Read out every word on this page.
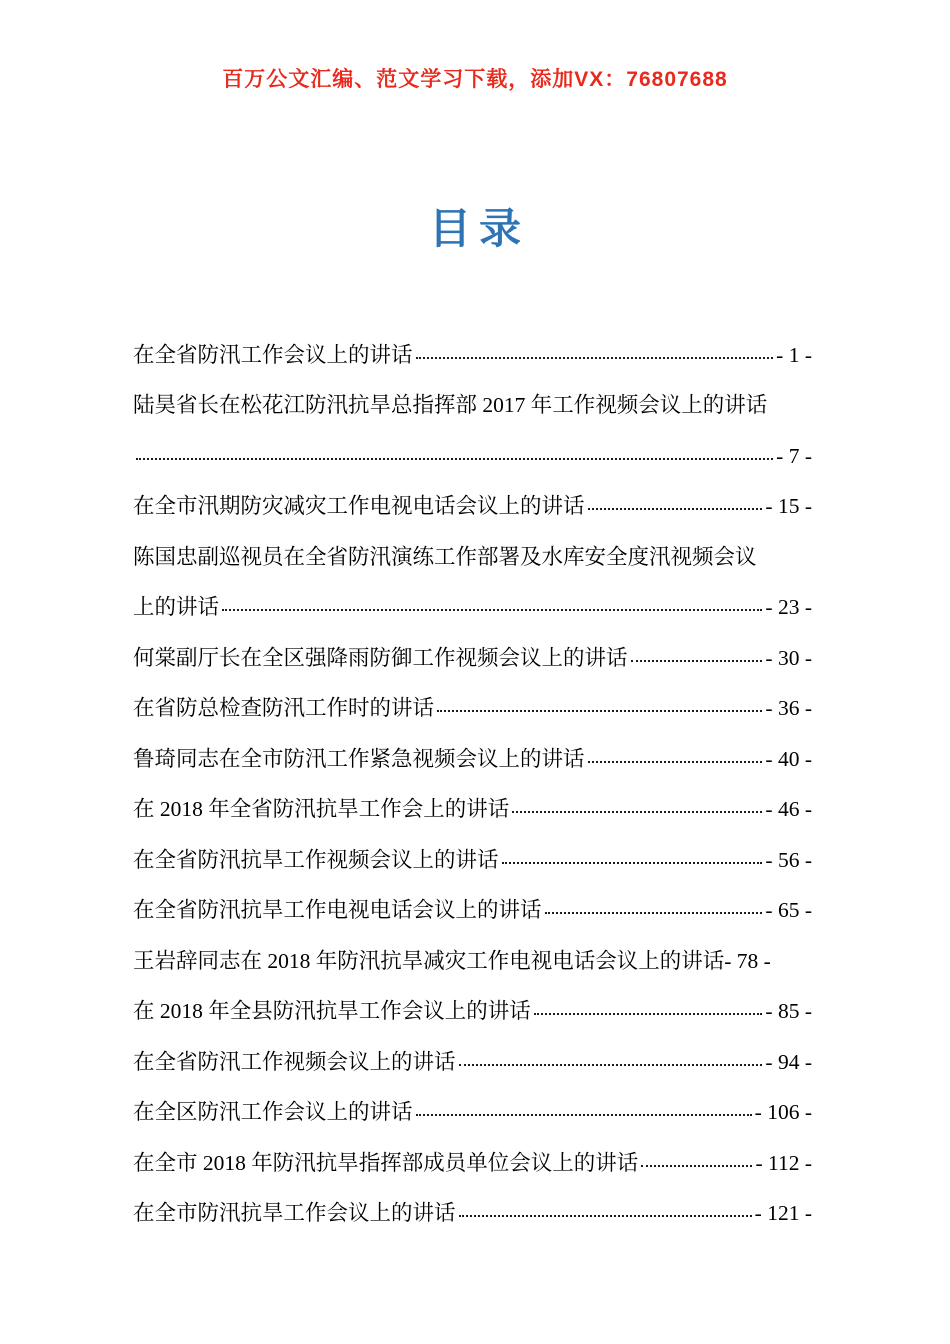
百万公文汇编、范文学习下载，添加VX：76807688
目录
在全省防汛工作会议上的讲话	- 1 -
陆昊省长在松花江防汛抗旱总指挥部 2017 年工作视频会议上的讲话
- 7 -
在全市汛期防灾减灾工作电视电话会议上的讲话	- 15 -
陈国忠副巡视员在全省防汛演练工作部署及水库安全度汛视频会议
上的讲话	- 23 -
何棠副厅长在全区强降雨防御工作视频会议上的讲话	- 30 -
在省防总检查防汛工作时的讲话	- 36 -
鲁琦同志在全市防汛工作紧急视频会议上的讲话	- 40 -
在 2018 年全省防汛抗旱工作会上的讲话	- 46 -
在全省防汛抗旱工作视频会议上的讲话	- 56 -
在全省防汛抗旱工作电视电话会议上的讲话	- 65 -
王岩辞同志在 2018 年防汛抗旱减灾工作电视电话会议上的讲话 - 78 -
在 2018 年全县防汛抗旱工作会议上的讲话	- 85 -
在全省防汛工作视频会议上的讲话	- 94 -
在全区防汛工作会议上的讲话	- 106 -
在全市 2018 年防汛抗旱指挥部成员单位会议上的讲话	- 112 -
在全市防汛抗旱工作会议上的讲话	- 121 -
